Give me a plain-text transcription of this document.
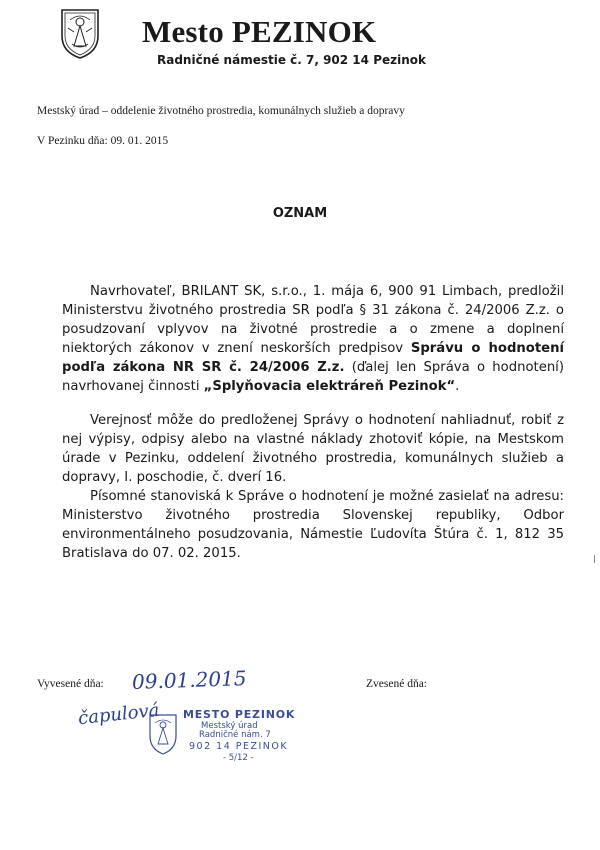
Mesto PEZINOK
Radničné námestie č. 7, 902 14 Pezinok
Mestský úrad – oddelenie životného prostredia, komunálnych služieb a dopravy
V Pezinku dňa: 09. 01. 2015
OZNAM

Navrhovateľ, BRILANT SK, s.r.o., 1. mája 6, 900 91 Limbach, predložil Ministerstvu životného prostredia SR podľa § 31 zákona č. 24/2006 Z.z. o posudzovaní vplyvov na životné prostredie a o zmene a doplnení niektorých zákonov v znení neskorších predpisov Správu o hodnotení podľa zákona NR SR č. 24/2006 Z.z. (ďalej len Správa o hodnotení) navrhovanej činnosti „Splyňovacia elektráreň Pezinok“.

Verejnosť môže do predloženej Správy o hodnotení nahliadnuť, robiť z nej výpisy, odpisy alebo na vlastné náklady zhotoviť kópie, na Mestskom úrade v Pezinku, oddelení životného prostredia, komunálnych služieb a dopravy, I. poschodie, č. dverí 16.

Písomné stanoviská k Správe o hodnotení je možné zasielať na adresu: Ministerstvo životného prostredia Slovenskej republiky, Odbor environmentálneho posudzovania, Námestie Ľudovíta Štúra č. 1, 812 35 Bratislava do 07. 02. 2015.

Vyvesené dňa: 09.01.2015	Zvesené dňa:
čapulová MESTO PEZINOK
Mestský úrad
Radničné nám. 7
902 14 PEZINOK
- 5/12 -
